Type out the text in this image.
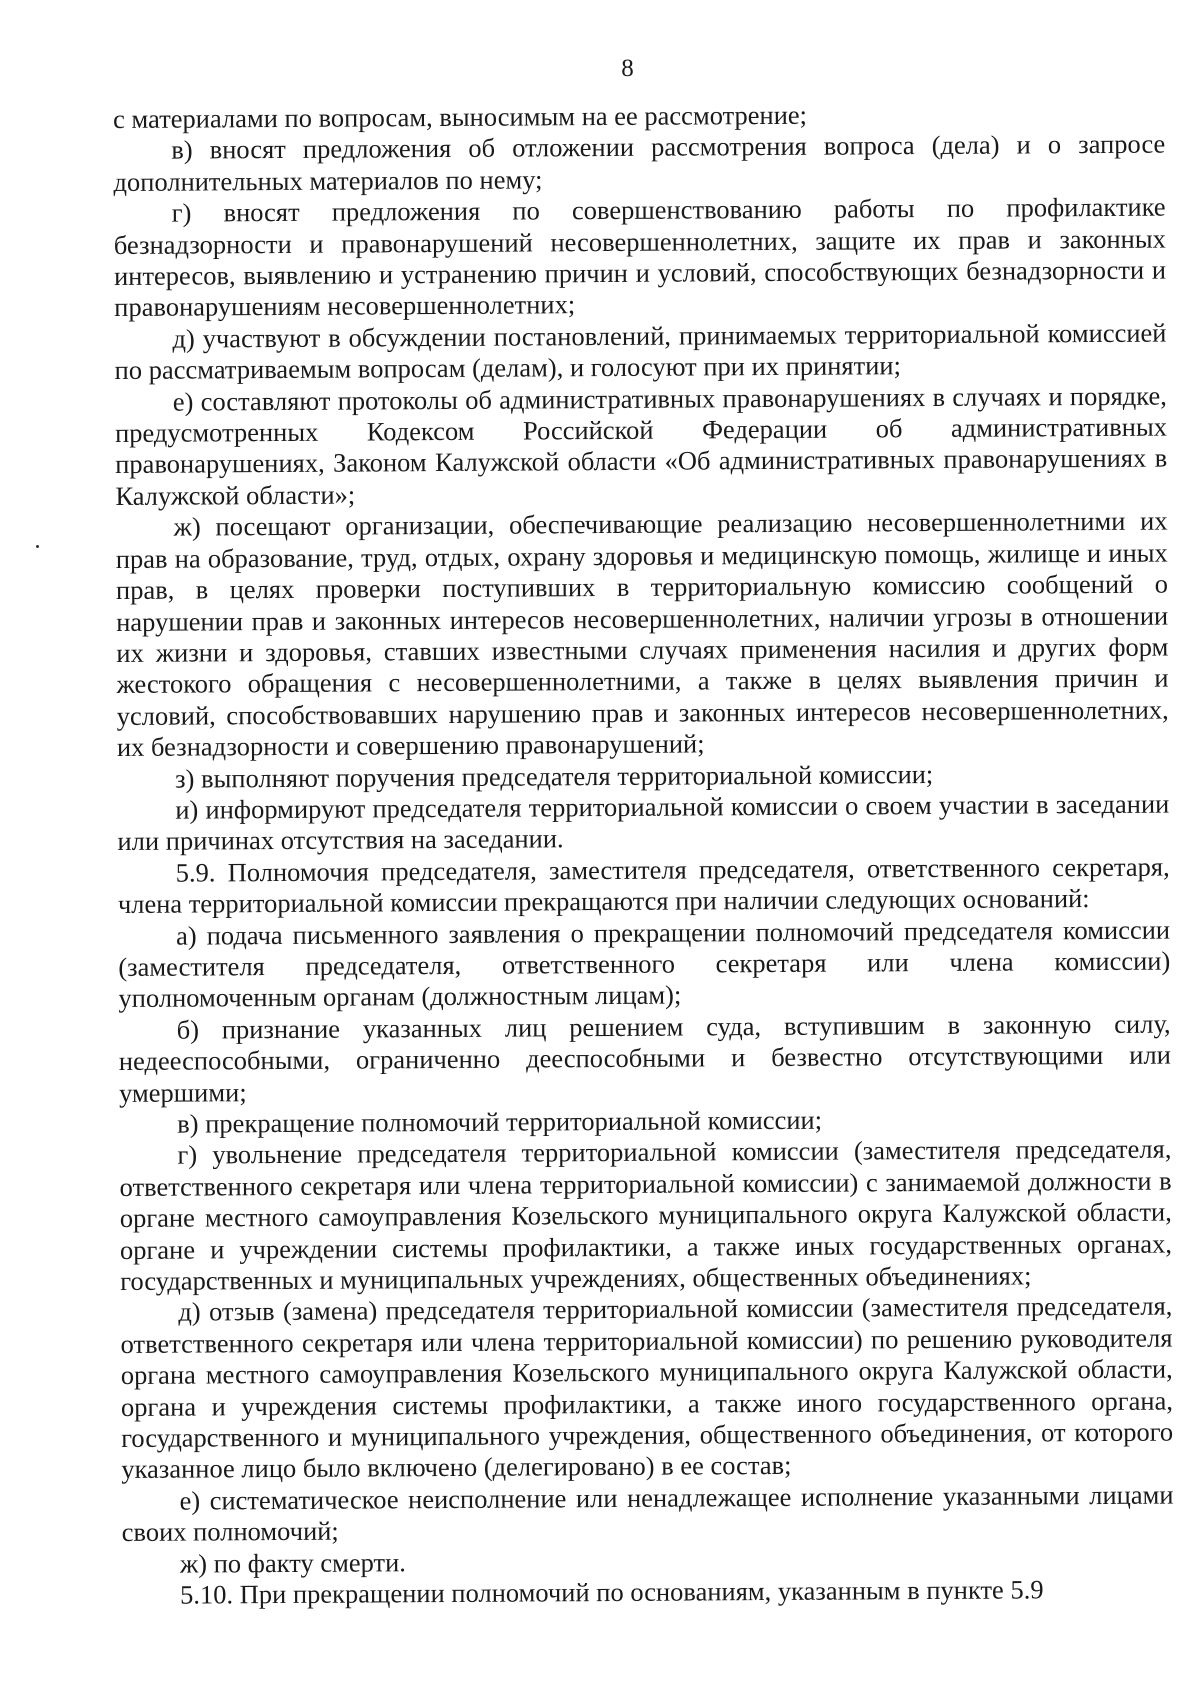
8

с материалами по вопросам, выносимым на ее рассмотрение;

в) вносят предложения об отложении рассмотрения вопроса (дела) и о запросе дополнительных материалов по нему;

г) вносят предложения по совершенствованию работы по профилактике безнадзорности и правонарушений несовершеннолетних, защите их прав и законных интересов, выявлению и устранению причин и условий, способствующих безнадзорности и правонарушениям несовершеннолетних;

д) участвуют в обсуждении постановлений, принимаемых территориальной комиссией по рассматриваемым вопросам (делам), и голосуют при их принятии;

е) составляют протоколы об административных правонарушениях в случаях и порядке, предусмотренных Кодексом Российской Федерации об административных правонарушениях, Законом Калужской области «Об административных правонарушениях в Калужской области»;

ж) посещают организации, обеспечивающие реализацию несовершеннолетними их прав на образование, труд, отдых, охрану здоровья и медицинскую помощь, жилище и иных прав, в целях проверки поступивших в территориальную комиссию сообщений о нарушении прав и законных интересов несовершеннолетних, наличии угрозы в отношении их жизни и здоровья, ставших известными случаях применения насилия и других форм жестокого обращения с несовершеннолетними, а также в целях выявления причин и условий, способствовавших нарушению прав и законных интересов несовершеннолетних, их безнадзорности и совершению правонарушений;

з) выполняют поручения председателя территориальной комиссии;

и) информируют председателя территориальной комиссии о своем участии в заседании или причинах отсутствия на заседании.

5.9. Полномочия председателя, заместителя председателя, ответственного секретаря, члена территориальной комиссии прекращаются при наличии следующих оснований:

а) подача письменного заявления о прекращении полномочий председателя комиссии (заместителя председателя, ответственного секретаря или члена комиссии) уполномоченным органам (должностным лицам);

б) признание указанных лиц решением суда, вступившим в законную силу, недееспособными, ограниченно дееспособными и безвестно отсутствующими или умершими;

в) прекращение полномочий территориальной комиссии;

г) увольнение председателя территориальной комиссии (заместителя председателя, ответственного секретаря или члена территориальной комиссии) с занимаемой должности в органе местного самоуправления Козельского муниципального округа Калужской области, органе и учреждении системы профилактики, а также иных государственных органах, государственных и муниципальных учреждениях, общественных объединениях;

д) отзыв (замена) председателя территориальной комиссии (заместителя председателя, ответственного секретаря или члена территориальной комиссии) по решению руководителя органа местного самоуправления Козельского муниципального округа Калужской области, органа и учреждения системы профилактики, а также иного государственного органа, государственного и муниципального учреждения, общественного объединения, от которого указанное лицо было включено (делегировано) в ее состав;

е) систематическое неисполнение или ненадлежащее исполнение указанными лицами своих полномочий;

ж) по факту смерти.

5.10. При прекращении полномочий по основаниям, указанным в пункте 5.9
